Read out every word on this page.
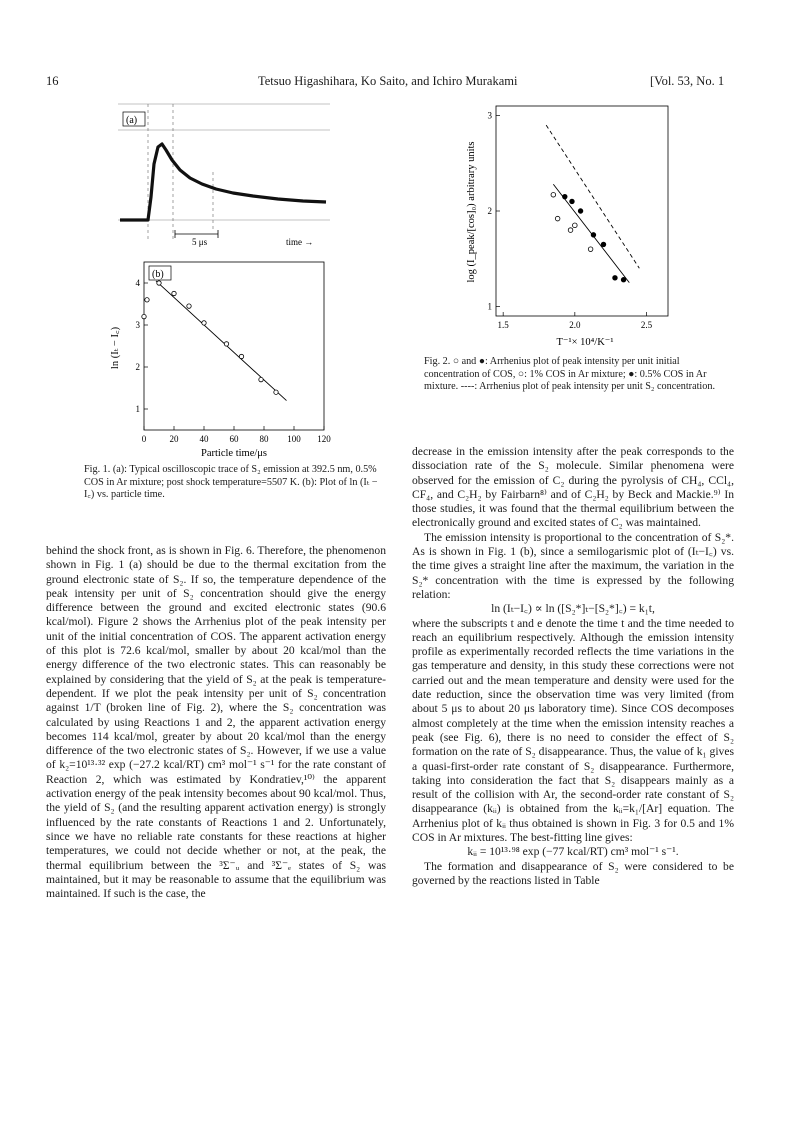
16	Tetsuo Higashihara, Ko Saito, and Ichiro Murakami	[Vol. 53, No. 1
(a)
5 μs	time →
(b)
0	20 40 60 80 100 120
1
2
3
4
Particle time/μs
ln (Iₜ − I꜀)
Fig. 1. (a): Typical oscilloscopic trace of S₂ emission at 392.5 nm, 0.5% COS in Ar mixture; post shock temperature=5507 K. (b): Plot of ln (Iₜ − I꜀) vs. particle time.
1.5	2.0	2.5
1
2
3
T⁻¹× 10⁴/K⁻¹
log (I_peak/[cos]₀) arbitrary units
Fig. 2. ○ and ●: Arrhenius plot of peak intensity per unit initial concentration of COS, ○: 1% COS in Ar mixture; ●: 0.5% COS in Ar mixture. ----: Arrhenius plot of peak intensity per unit S₂ concentration.

behind the shock front, as is shown in Fig. 6. Therefore, the phenomenon shown in Fig. 1 (a) should be due to the thermal excitation from the ground electronic state of S₂. If so, the temperature dependence of the peak intensity per unit of S₂ concentration should give the energy difference between the ground and excited electronic states (90.6 kcal/mol). Figure 2 shows the Arrhenius plot of the peak intensity per unit of the initial concentration of COS. The apparent activation energy of this plot is 72.6 kcal/mol, smaller by about 20 kcal/mol than the energy difference of the two electronic states. This can reasonably be explained by considering that the yield of S₂ at the peak is temperature-dependent. If we plot the peak intensity per unit of S₂ concentration against 1/T (broken line of Fig. 2), where the S₂ concentration was calculated by using Reactions 1 and 2, the apparent activation energy becomes 114 kcal/mol, greater by about 20 kcal/mol than the energy difference of the two electronic states of S₂. However, if we use a value of k₂=10¹³·³² exp (−27.2 kcal/RT) cm³ mol⁻¹ s⁻¹ for the rate constant of Reaction 2, which was estimated by Kondratiev,¹⁰⁾ the apparent activation energy of the peak intensity becomes about 90 kcal/mol. Thus, the yield of S₂ (and the resulting apparent activation energy) is strongly influenced by the rate constants of Reactions 1 and 2. Unfortunately, since we have no reliable rate constants for these reactions at higher temperatures, we could not decide whether or not, at the peak, the thermal equilibrium between the ³Σ⁻ᵤ and ³Σ⁻ₑ states of S₂ was maintained, but it may be reasonable to assume that the equilibrium was maintained. If such is the case, the

decrease in the emission intensity after the peak corresponds to the dissociation rate of the S₂ molecule. Similar phenomena were observed for the emission of C₂ during the pyrolysis of CH₄, CCl₄, CF₄, and C₂H₂ by Fairbarn⁸⁾ and of C₂H₂ by Beck and Mackie.⁹⁾ In those studies, it was found that the thermal equilibrium between the electronically ground and excited states of C₂ was maintained.

The emission intensity is proportional to the concentration of S₂*. As is shown in Fig. 1 (b), since a semilogarismic plot of (Iₜ−I꜀) vs. the time gives a straight line after the maximum, the variation in the S₂* concentration with the time is expressed by the following relation:

ln (Iₜ−I꜀) ∝ ln ([S₂*]ₜ−[S₂*]꜀) = k₁t,

where the subscripts t and e denote the time t and the time needed to reach an equilibrium respectively. Although the emission intensity profile as experimentally recorded reflects the time variations in the gas temperature and density, in this study these corrections were not carried out and the mean temperature and density were used for the date reduction, since the observation time was very limited (from about 5 μs to about 20 μs laboratory time). Since COS decomposes almost completely at the time when the emission intensity reaches a peak (see Fig. 6), there is no need to consider the effect of S₂ formation on the rate of S₂ disappearance. Thus, the value of k₁ gives a quasi-first-order rate constant of S₂ disappearance. Furthermore, taking into consideration the fact that S₂ disappears mainly as a result of the collision with Ar, the second-order rate constant of S₂ disappearance (kᵢᵢ) is obtained from the kᵢᵢ=k₁/[Ar] equation. The Arrhenius plot of kᵢᵢ thus obtained is shown in Fig. 3 for 0.5 and 1% COS in Ar mixtures. The best-fitting line gives:

kᵢᵢ = 10¹³·⁹⁸ exp (−77 kcal/RT) cm³ mol⁻¹ s⁻¹.

The formation and disappearance of S₂ were considered to be governed by the reactions listed in Table
